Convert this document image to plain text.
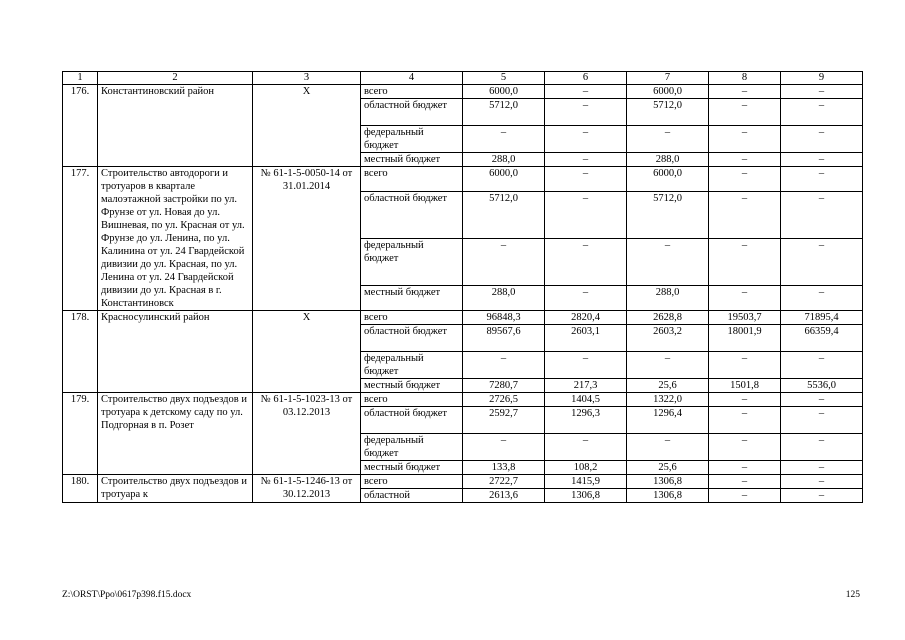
1	2	3	4	5	6	7	8	9
176.	Константиновский район	Х	всего	6000,0	–	6000,0	–	–
			областной бюджет	5712,0	–	5712,0	–	–
			федеральный бюджет	–	–	–	–	–
			местный бюджет	288,0	–	288,0	–	–
177.	Строительство автодороги и тротуаров в квартале малоэтажной застройки по ул. Фрунзе от ул. Новая до ул. Вишневая, по ул. Красная от ул. Фрунзе до ул. Ленина, по ул. Калинина от ул. 24 Гвардейской дивизии до ул. Красная, по ул. Ленина от ул. 24 Гвардейской дивизии до ул. Красная в г. Константиновск	№ 61-1-5-0050-14 от 31.01.2014	всего	6000,0	–	6000,0	–	–
			областной бюджет	5712,0	–	5712,0	–	–
			федеральный бюджет	–	–	–	–	–
			местный бюджет	288,0	–	288,0	–	–
178.	Красносулинский район	Х	всего	96848,3	2820,4	2628,8	19503,7	71895,4
			областной бюджет	89567,6	2603,1	2603,2	18001,9	66359,4
			федеральный бюджет	–	–	–	–	–
			местный бюджет	7280,7	217,3	25,6	1501,8	5536,0
179.	Строительство двух подъездов и тротуара к детскому саду по ул. Подгорная в п. Розет	№ 61-1-5-1023-13 от 03.12.2013	всего	2726,5	1404,5	1322,0	–	–
			областной бюджет	2592,7	1296,3	1296,4	–	–
			федеральный бюджет	–	–	–	–	–
			местный бюджет	133,8	108,2	25,6	–	–
180.	Строительство двух подъездов и тротуара к	№ 61-1-5-1246-13 от 30.12.2013	всего	2722,7	1415,9	1306,8	–	–
			областной	2613,6	1306,8	1306,8	–	–
Z:\ORST\Ppo\0617p398.f15.docx	125
